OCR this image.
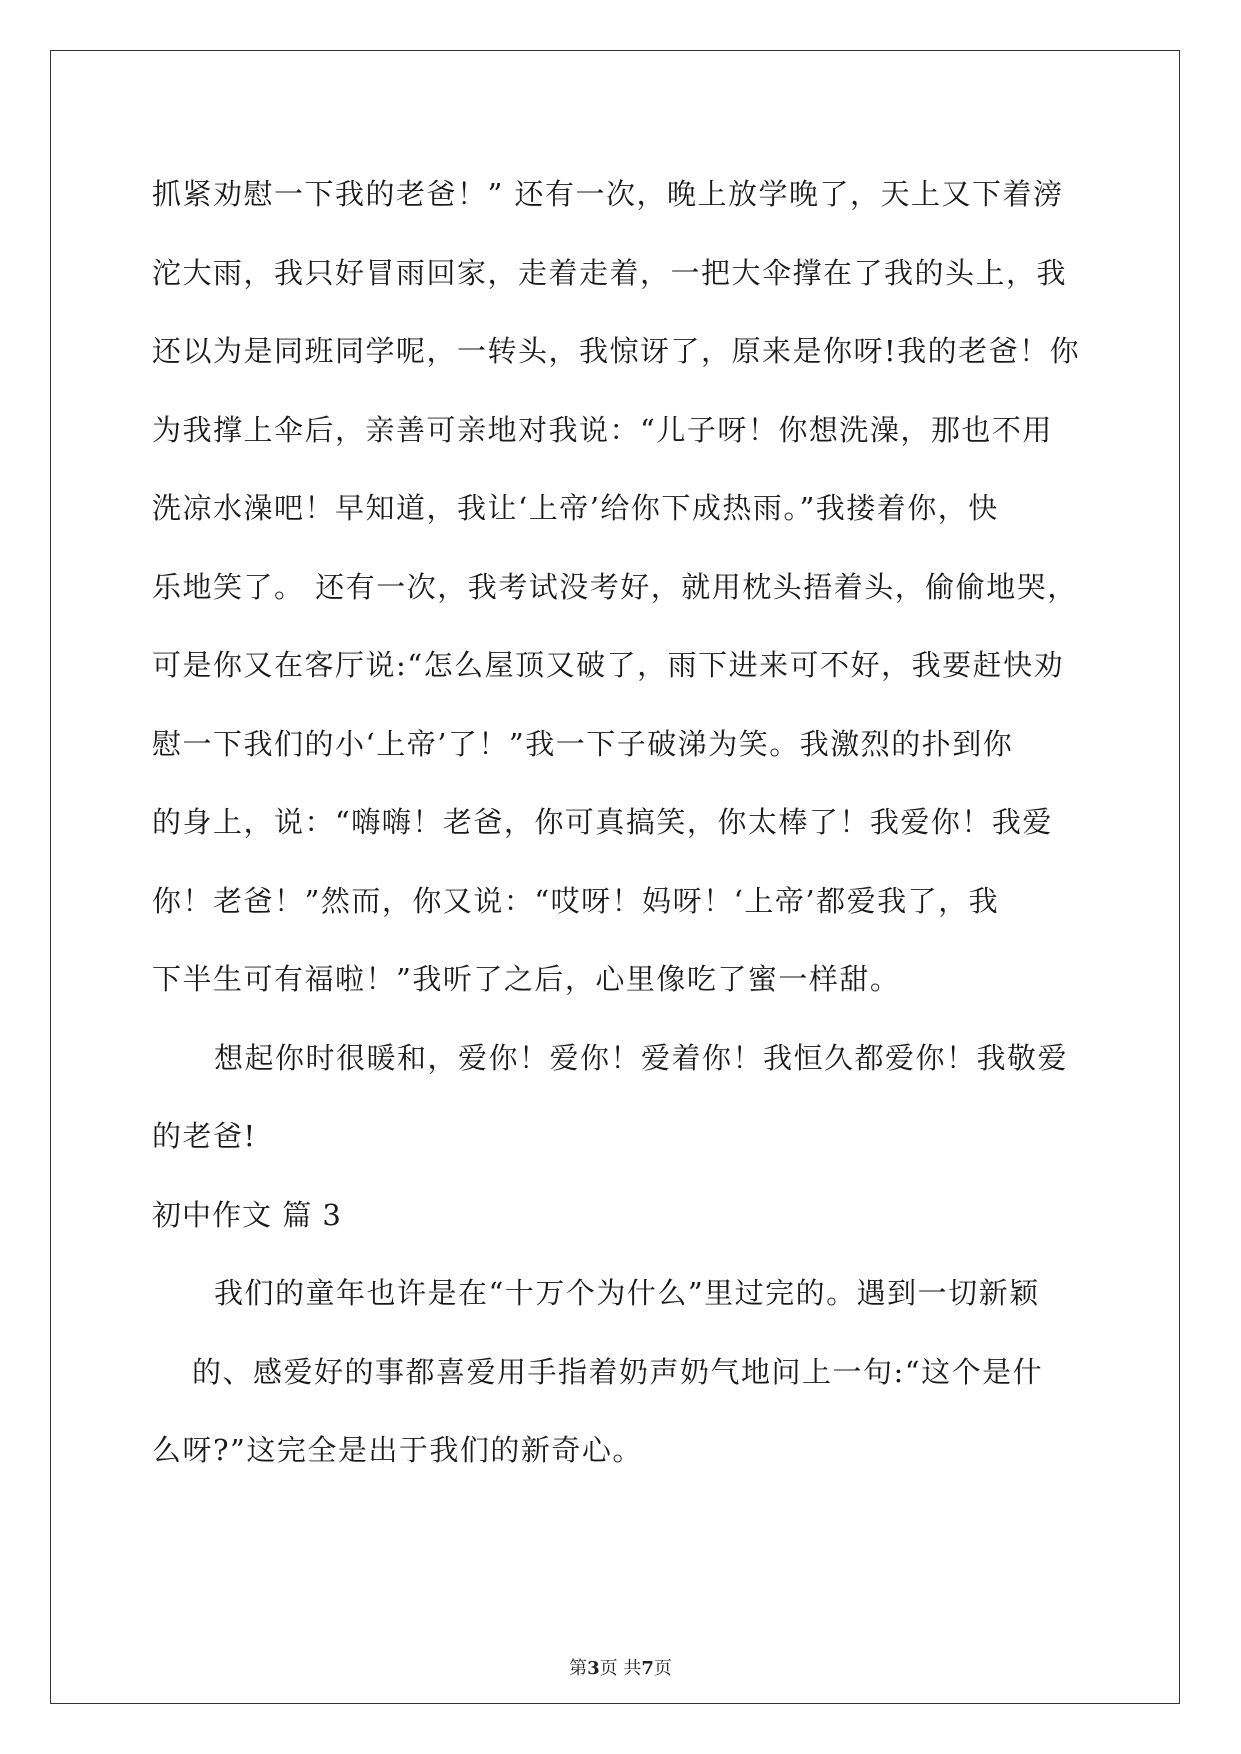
抓紧劝慰一下我的老爸！” 还有一次，晚上放学晚了，天上又下着滂
沱大雨，我只好冒雨回家，走着走着，一把大伞撑在了我的头上，我
还以为是同班同学呢，一转头，我惊讶了，原来是你呀!我的老爸！你
为我撑上伞后，亲善可亲地对我说：“儿子呀！你想洗澡，那也不用
洗凉水澡吧！早知道，我让‘上帝’给你下成热雨。”我搂着你，快
乐地笑了。 还有一次，我考试没考好，就用枕头捂着头，偷偷地哭，
可是你又在客厅说:“怎么屋顶又破了，雨下进来可不好，我要赶快劝
慰一下我们的小‘上帝’了！”我一下子破涕为笑。我激烈的扑到你
的身上，说：“嗨嗨！老爸，你可真搞笑，你太棒了！我爱你！我爱
你！老爸！”然而，你又说：“哎呀！妈呀！‘上帝’都爱我了，我
下半生可有福啦！”我听了之后，心里像吃了蜜一样甜。
想起你时很暖和，爱你！爱你！爱着你！我恒久都爱你！我敬爱
的老爸!
初中作文 篇 3
我们的童年也许是在“十万个为什么”里过完的。遇到一切新颖
的、感爱好的事都喜爱用手指着奶声奶气地问上一句:“这个是什
么呀?”这完全是出于我们的新奇心。
第3页 共7页
